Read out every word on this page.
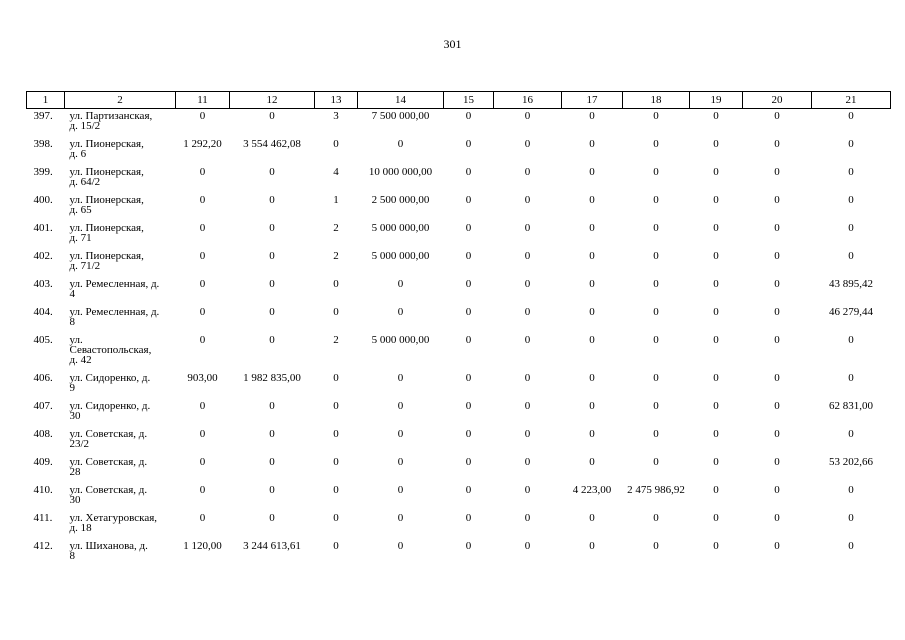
301
1	2	11	12	13	14	15	16	17	18	19	20	21
397.	ул. Партизанская,
д. 15/2	0	0	3	7 500 000,00	0	0	0	0	0	0	0
398.	ул. Пионерская,
д. 6	1 292,20	3 554 462,08	0	0	0	0	0	0	0	0	0
399.	ул. Пионерская,
д. 64/2	0	0	4	10 000 000,00	0	0	0	0	0	0	0
400.	ул. Пионерская,
д. 65	0	0	1	2 500 000,00	0	0	0	0	0	0	0
401.	ул. Пионерская,
д. 71	0	0	2	5 000 000,00	0	0	0	0	0	0	0
402.	ул. Пионерская,
д. 71/2	0	0	2	5 000 000,00	0	0	0	0	0	0	0
403.	ул. Ремесленная, д.
4	0	0	0	0	0	0	0	0	0	0	43 895,42
404.	ул. Ремесленная, д.
8	0	0	0	0	0	0	0	0	0	0	46 279,44
405.	ул.
Севастопольская,
д. 42	0	0	2	5 000 000,00	0	0	0	0	0	0	0
406.	ул. Сидоренко, д.
9	903,00	1 982 835,00	0	0	0	0	0	0	0	0	0
407.	ул. Сидоренко, д.
30	0	0	0	0	0	0	0	0	0	0	62 831,00
408.	ул. Советская, д.
23/2	0	0	0	0	0	0	0	0	0	0	0
409.	ул. Советская, д.
28	0	0	0	0	0	0	0	0	0	0	53 202,66
410.	ул. Советская, д.
30	0	0	0	0	0	0	4 223,00	2 475 986,92	0	0	0
411.	ул. Хетагуровская,
д. 18	0	0	0	0	0	0	0	0	0	0	0
412.	ул. Шиханова, д.
8	1 120,00	3 244 613,61	0	0	0	0	0	0	0	0	0
